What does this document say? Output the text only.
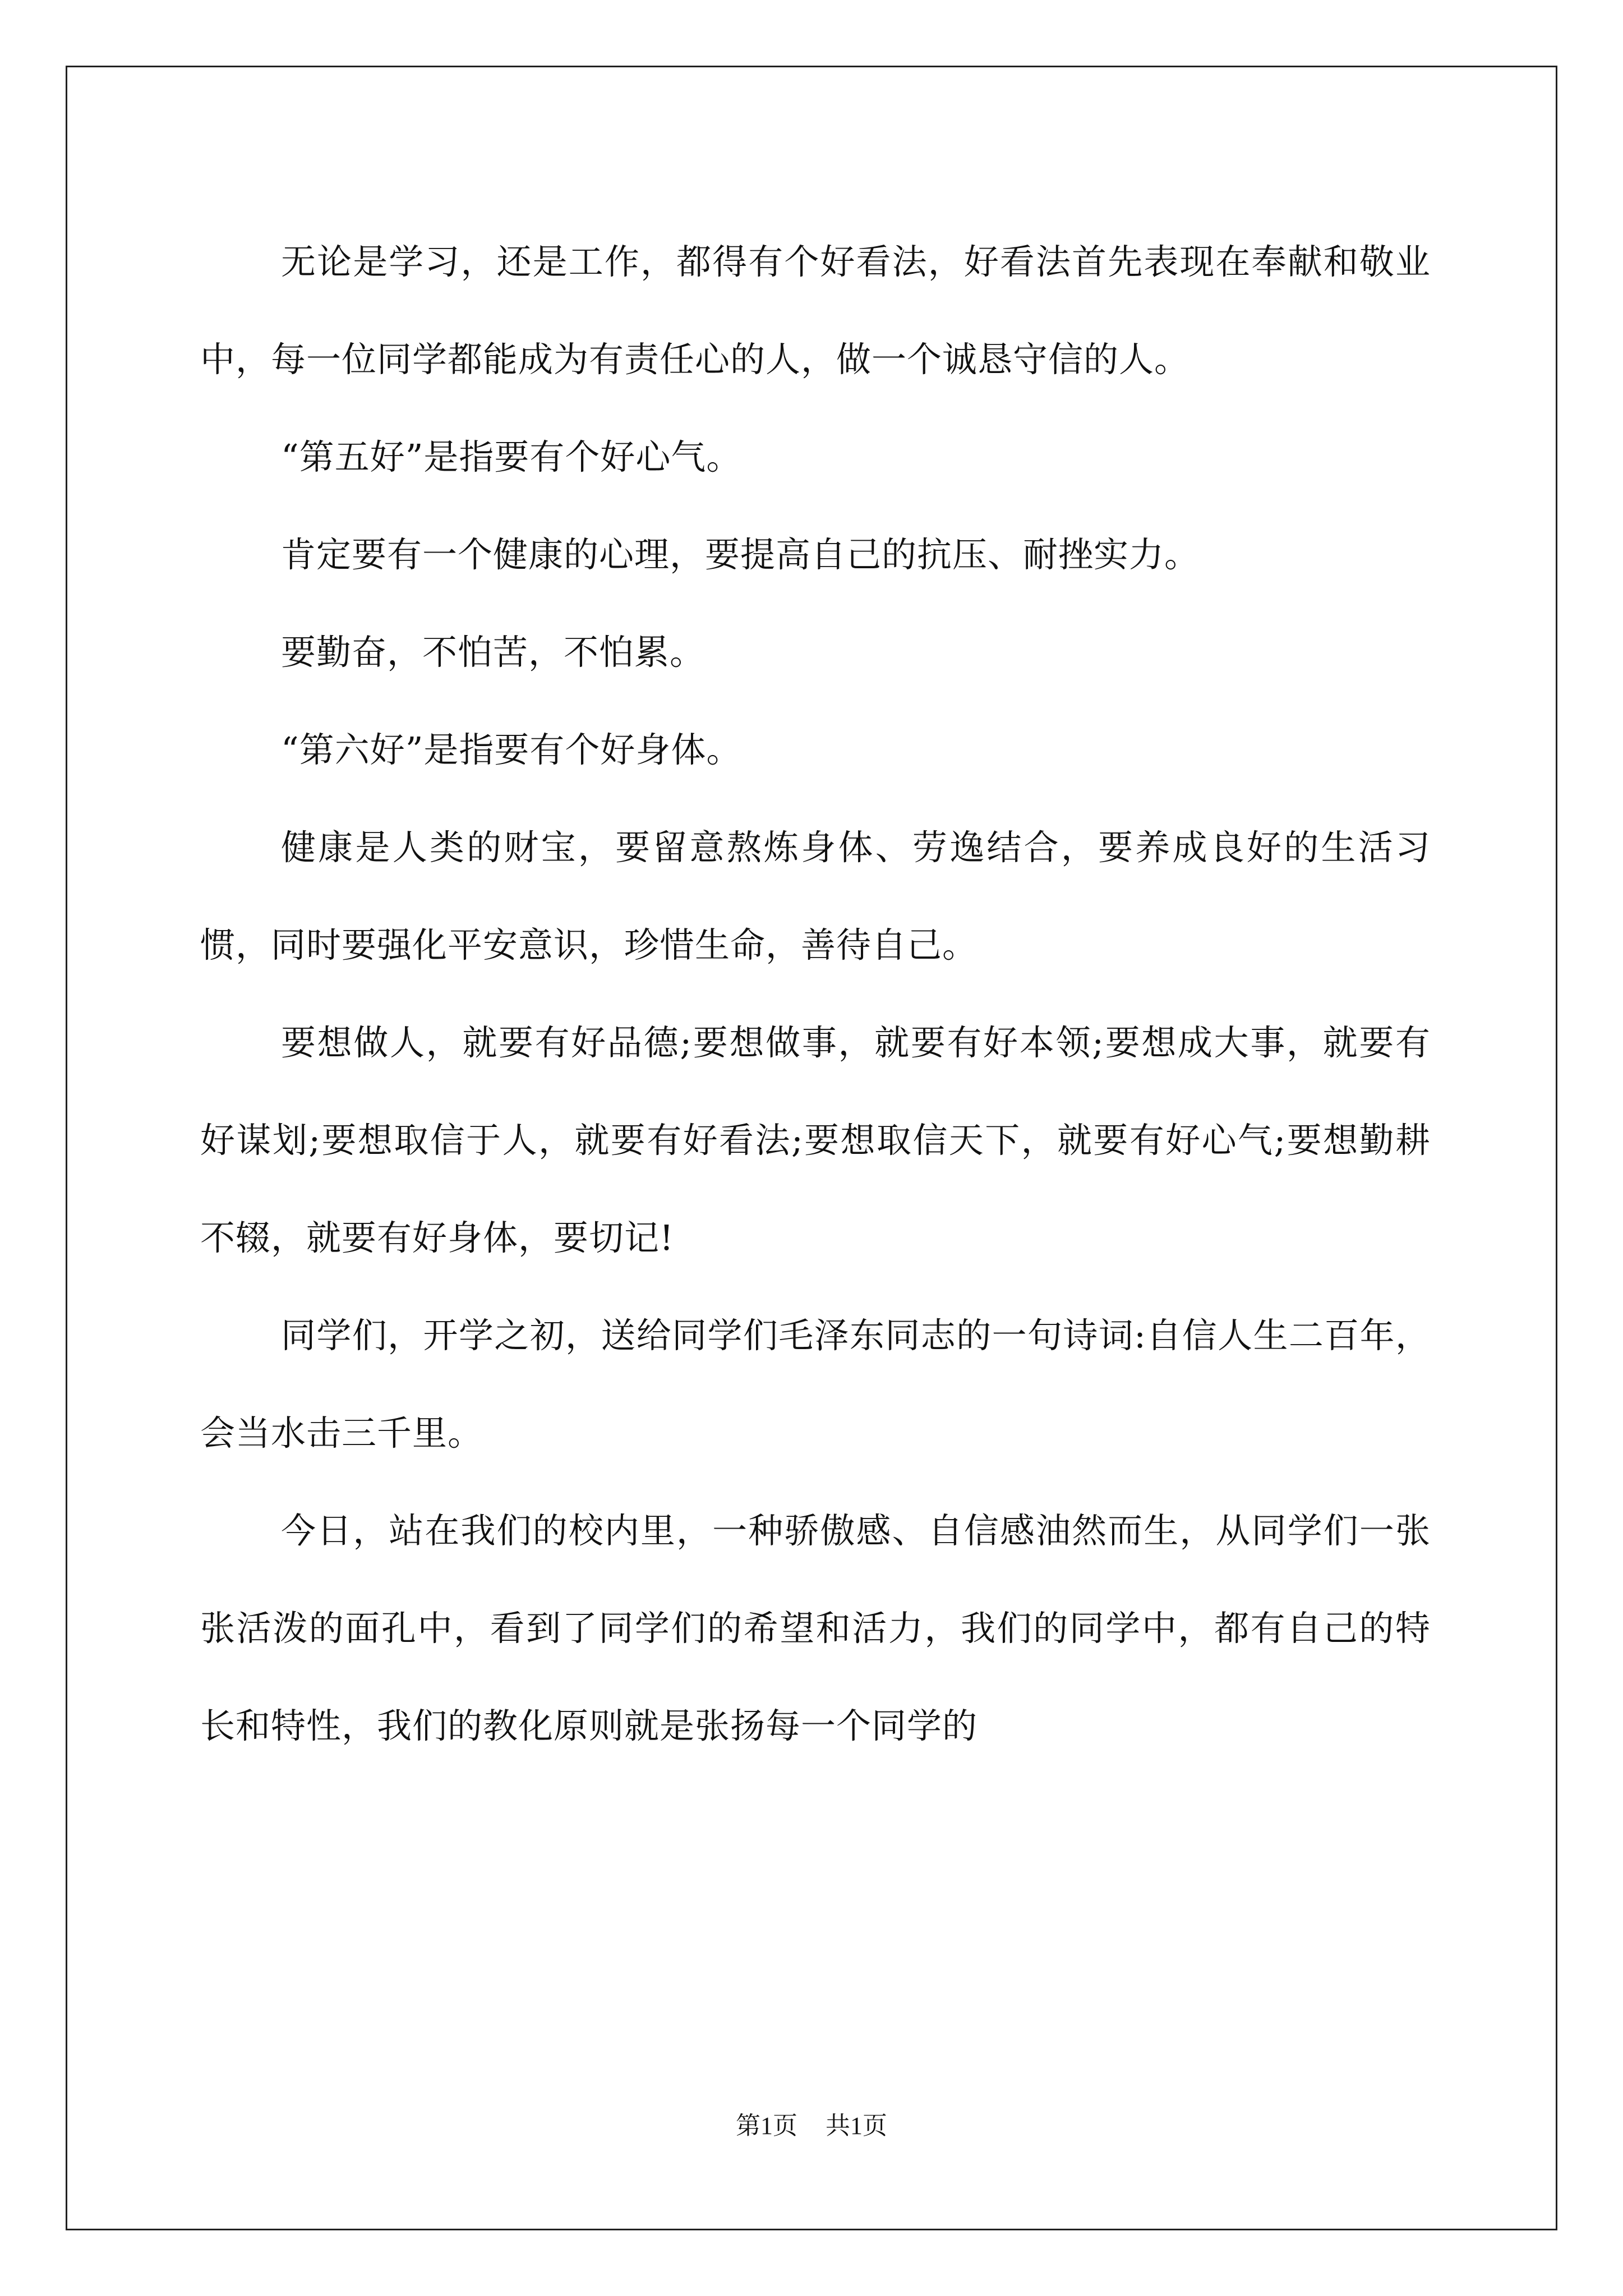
无论是学习，还是工作，都得有个好看法，好看法首先表现在奉献和敬业中，每一位同学都能成为有责任心的人，做一个诚恳守信的人。

“第五好”是指要有个好心气。

肯定要有一个健康的心理，要提高自己的抗压、耐挫实力。

要勤奋，不怕苦，不怕累。

“第六好”是指要有个好身体。

健康是人类的财宝，要留意熬炼身体、劳逸结合，要养成良好的生活习惯，同时要强化平安意识，珍惜生命，善待自己。

要想做人，就要有好品德;要想做事，就要有好本领;要想成大事，就要有好谋划;要想取信于人，就要有好看法;要想取信天下，就要有好心气;要想勤耕不辍，就要有好身体，要切记!

同学们，开学之初，送给同学们毛泽东同志的一句诗词:自信人生二百年，会当水击三千里。

今日，站在我们的校内里，一种骄傲感、自信感油然而生，从同学们一张张活泼的面孔中，看到了同学们的希望和活力，我们的同学中，都有自己的特长和特性，我们的教化原则就是张扬每一个同学的

第1页 共1页
